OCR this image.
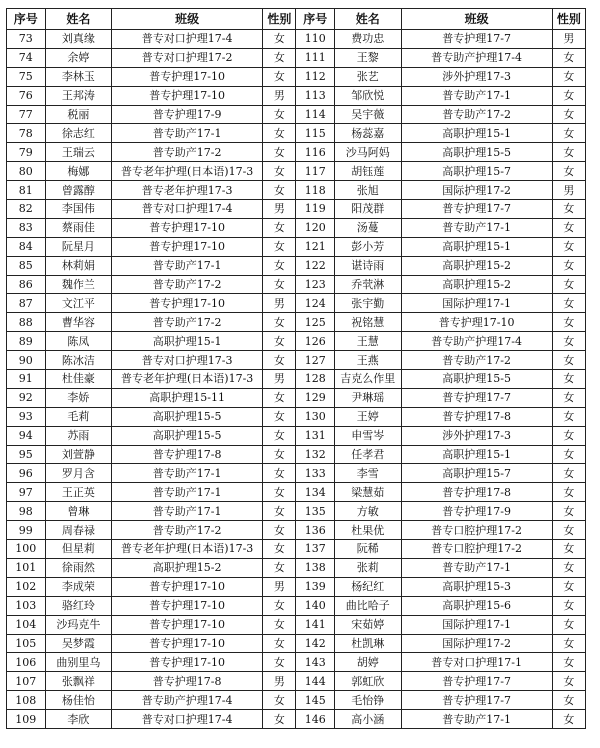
序号	姓名	班级	性别	序号	姓名	班级	性别
73	刘真缘	普专对口护理17-4	女	110	费功忠	普专护理17-7	男
74	余婷	普专对口护理17-2	女	111	王黎	普专助产护理17-4	女
75	李林玉	普专护理17-10	女	112	张艺	涉外护理17-3	女
76	王邦涛	普专护理17-10	男	113	邹欣悦	普专助产17-1	女
77	税丽	普专护理17-9	女	114	吴宇薇	普专助产17-2	女
78	徐志红	普专助产17-1	女	115	杨蕊嘉	高职护理15-1	女
79	王瑞云	普专助产17-2	女	116	沙马阿妈	高职护理15-5	女
80	梅娜	普专老年护理(日本语)17-3	女	117	胡钰莲	高职护理15-7	女
81	曾露醇	普专老年护理17-3	女	118	张旭	国际护理17-2	男
82	李国伟	普专对口护理17-4	男	119	阳茂群	普专护理17-7	女
83	蔡雨佳	普专护理17-10	女	120	汤蔓	普专助产17-1	女
84	阮星月	普专护理17-10	女	121	彭小芳	高职护理15-1	女
85	林莉娟	普专助产17-1	女	122	谌诗雨	高职护理15-2	女
86	魏作兰	普专助产17-2	女	123	乔茕淋	高职护理15-2	女
87	文江平	普专护理17-10	男	124	张宇勤	国际护理17-1	女
88	曹华容	普专助产17-2	女	125	祝铭慧	普专护理17-10	女
89	陈凤	高职护理15-1	女	126	王慧	普专助产护理17-4	女
90	陈冰洁	普专对口护理17-3	女	127	王燕	普专助产17-2	女
91	杜佳豪	普专老年护理(日本语)17-3	男	128	吉克么作里	高职护理15-5	女
92	李娇	高职护理15-11	女	129	尹琳瑶	普专护理17-7	女
93	毛莉	高职护理15-5	女	130	王婷	普专护理17-8	女
94	苏雨	高职护理15-5	女	131	申雪岑	涉外护理17-3	女
95	刘萱静	普专护理17-8	女	132	任孝君	高职护理15-1	女
96	罗月含	普专助产17-1	女	133	李雪	高职护理15-7	女
97	王正英	普专助产17-1	女	134	梁慧茹	普专护理17-8	女
98	曾琳	普专助产17-1	女	135	方敏	普专护理17-9	女
99	周春禄	普专助产17-2	女	136	杜果优	普专口腔护理17-2	女
100	但星莉	普专老年护理(日本语)17-3	女	137	阮稀	普专口腔护理17-2	女
101	徐雨然	高职护理15-2	女	138	张莉	普专助产17-1	女
102	李成荣	普专护理17-10	男	139	杨纪红	高职护理15-3	女
103	骆红玲	普专护理17-10	女	140	曲比哈子	高职护理15-6	女
104	沙玛克牛	普专护理17-10	女	141	宋茹婷	国际护理17-1	女
105	吴梦霞	普专护理17-10	女	142	杜凯琳	国际护理17-2	女
106	曲别里乌	普专护理17-10	女	143	胡婷	普专对口护理17-1	女
107	张飘祥	普专护理17-8	男	144	郭虹欣	普专护理17-7	女
108	杨佳怡	普专助产护理17-4	女	145	毛怡铮	普专护理17-7	女
109	李欣	普专对口护理17-4	女	146	高小涵	普专助产17-1	女
